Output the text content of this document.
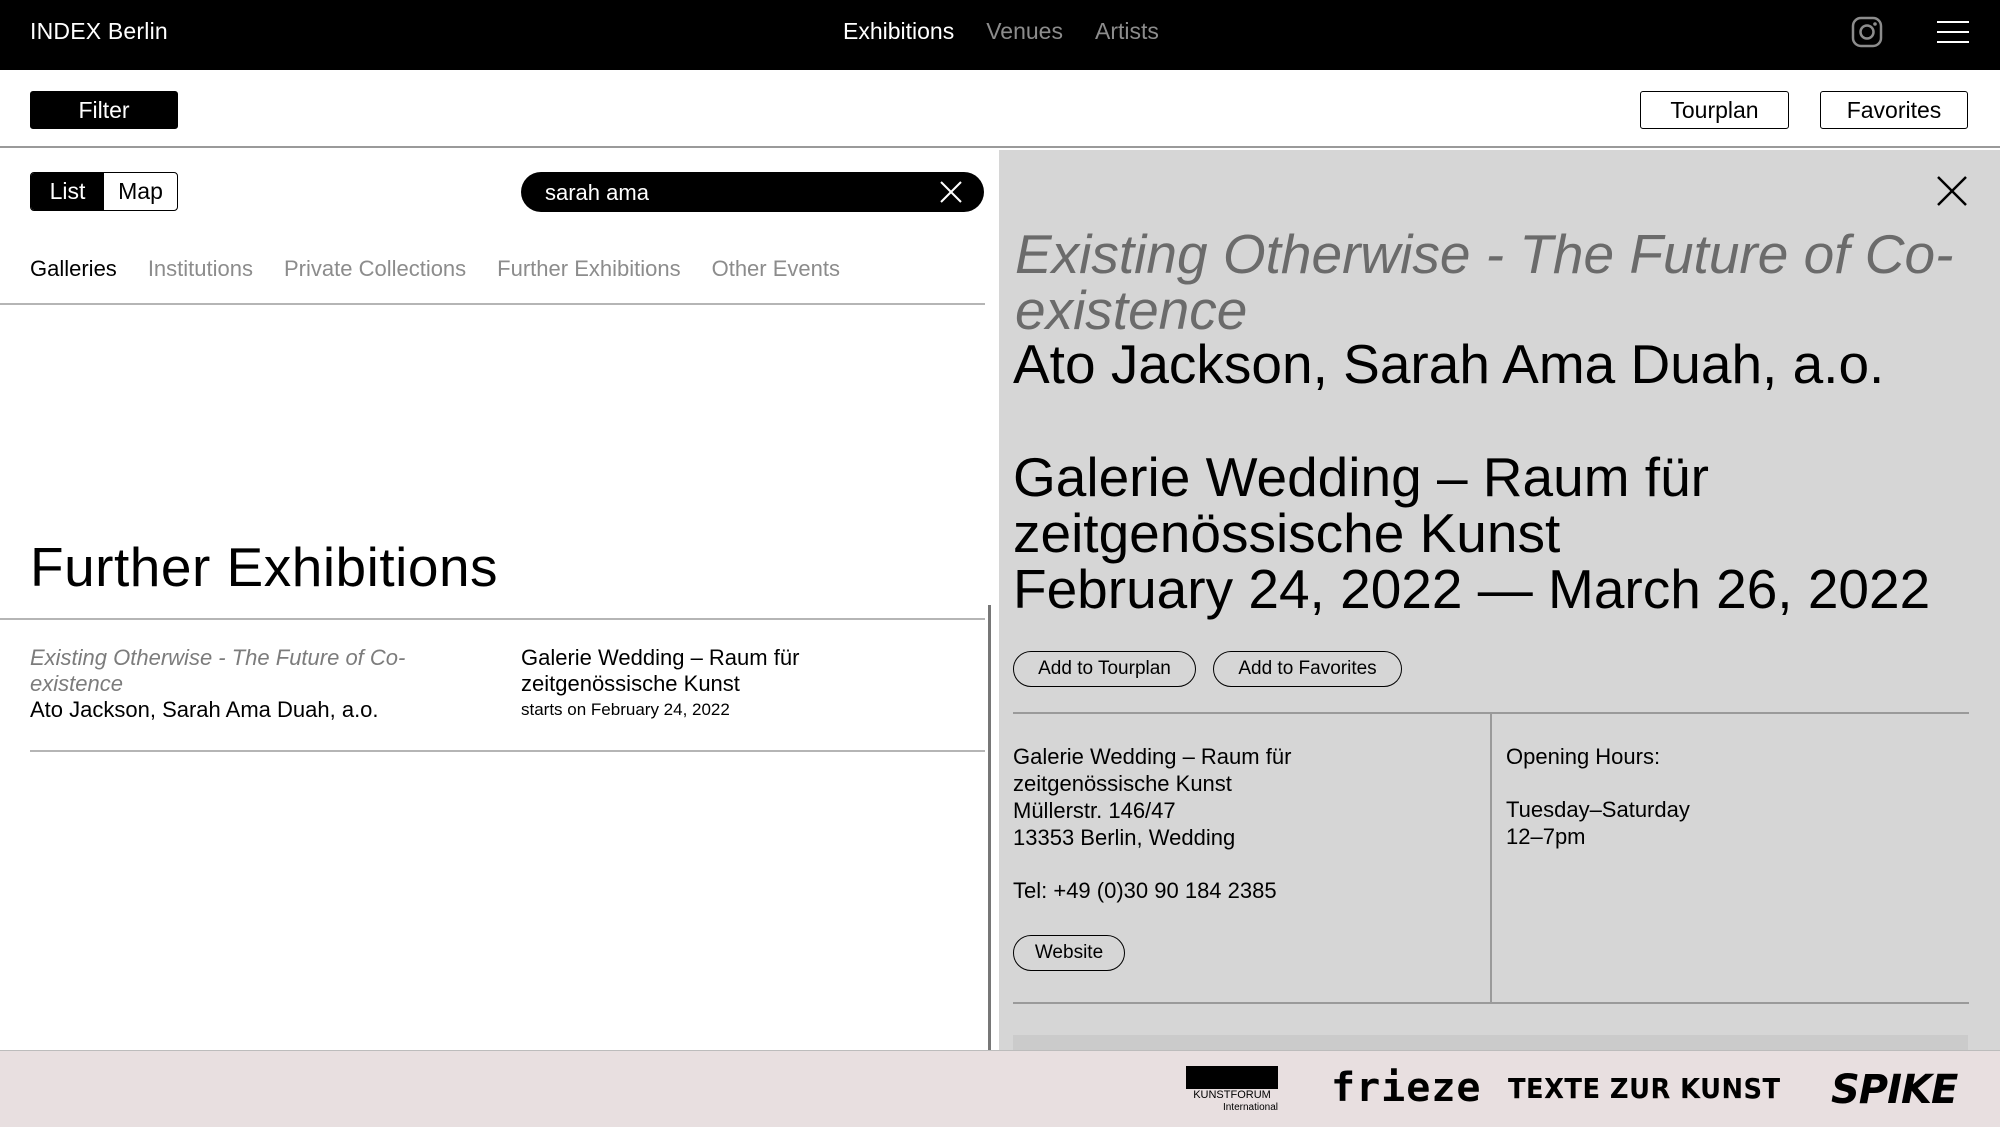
INDEX Berlin	Exhibitions Venues Artists
Filter	Tourplan	Favorites
List	Map	sarah ama
Galleries Institutions Private Collections Further Exhibitions Other Events
Further Exhibitions
Existing Otherwise - The Future of Co-existence
Ato Jackson, Sarah Ama Duah, a.o.
Galerie Wedding – Raum für zeitgenössische Kunst
starts on February 24, 2022
Existing Otherwise - The Future of Co-existence
Ato Jackson, Sarah Ama Duah, a.o.
Galerie Wedding – Raum für zeitgenössische Kunst
February 24, 2022 — March 26, 2022
Add to Tourplan	Add to Favorites
Galerie Wedding – Raum für zeitgenössische Kunst
Müllerstr. 146/47
13353 Berlin, Wedding
Tel: +49 (0)30 90 184 2385
Website
Opening Hours:
Tuesday–Saturday
12–7pm
KUNSTFORUM
International frieze TEXTE ZUR KUNST SPIKE
